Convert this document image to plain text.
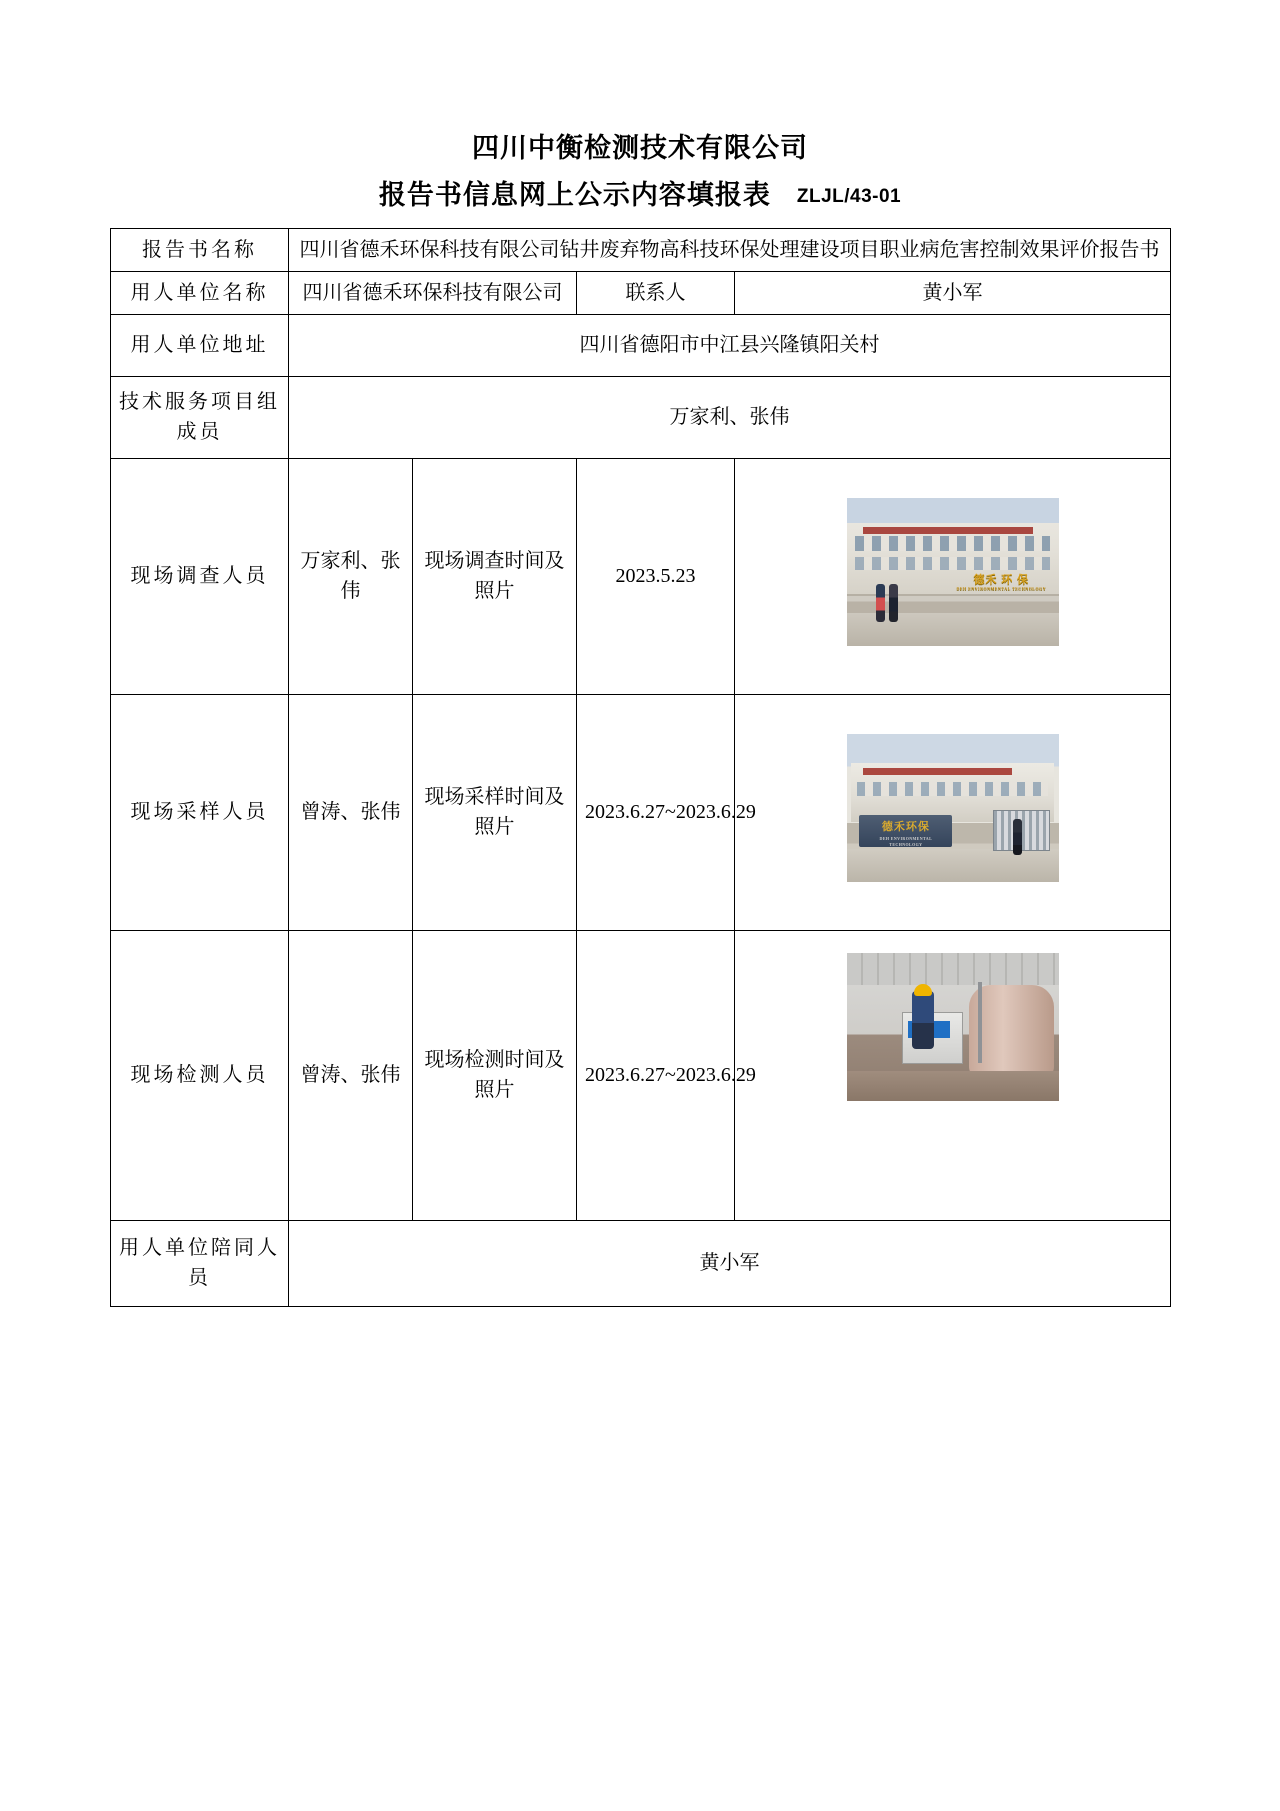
四川中衡检测技术有限公司
报告书信息网上公示内容填报表 ZLJL/43-01
报告书名称	四川省德禾环保科技有限公司钻井废弃物高科技环保处理建设项目职业病危害控制效果评价报告书			
用人单位名称	四川省德禾环保科技有限公司		联系人	黄小军
用人单位地址	四川省德阳市中江县兴隆镇阳关村			
技术服务项目组成员	万家利、张伟			
现场调查人员	万家利、张伟	现场调查时间及照片	2023.5.23	德禾 环 保
DEH ENVIRONMENTAL TECHNOLOGY

现场采样人员	曾涛、张伟	现场采样时间及照片	2023.6.27~2023.6.29	德禾环保
DEH ENVIRONMENTAL TECHNOLOGY

现场检测人员	曾涛、张伟	现场检测时间及照片	2023.6.27~2023.6.29	

用人单位陪同人员	黄小军			
